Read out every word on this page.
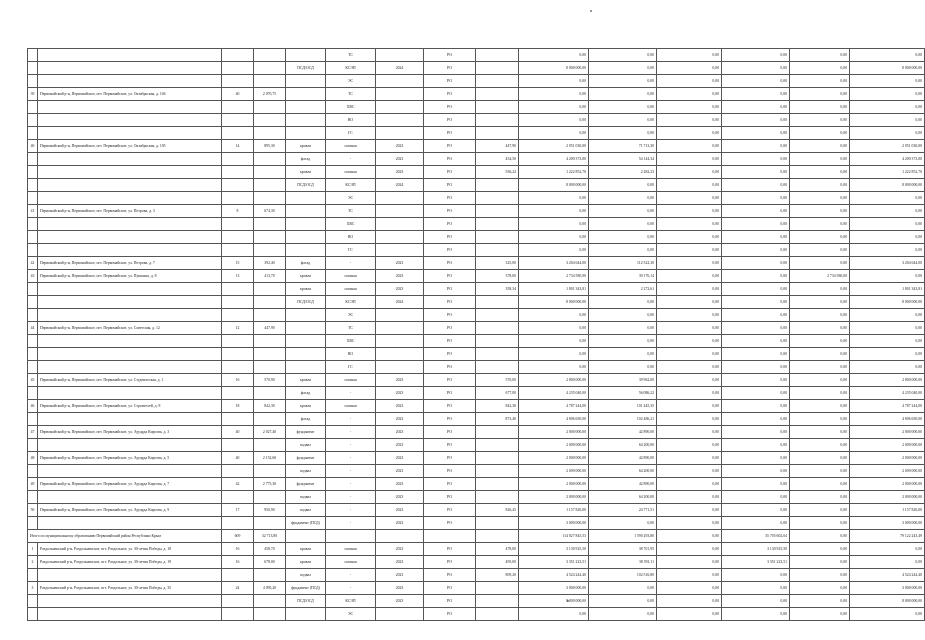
					ТС		РО		0,00	0,00	0,00	0,00	0,00	0,00
				ПСД/ОСД	КСЭП	2024	РО		8 000 000,00	0,00	0,00	0,00	0,00	8 000 000,00
					ЭС		РО		0,00	0,00	0,00	0,00	0,00	0,00
39	Первомайский р-н, Первомайское, пгт. Первомайское, ул. Октябрьская, д. 104	40	2 070,75		ТС		РО		0,00	0,00	0,00	0,00	0,00	0,00
					ХВС		РО		0,00	0,00	0,00	0,00	0,00	0,00
					ВО		РО		0,00	0,00	0,00	0,00	0,00	0,00
					ГС		РО		0,00	0,00	0,00	0,00	0,00	0,00
40	Первомайский р-н, Первомайское, пгт. Первомайское, ул. Октябрьская, д. 105	14	895,30	кровля	скатная	2023	РО	447,90	2 051 030,00	71 713,30	0,00	0,00	0,00	2 051 030,00
				фасад	-	2023	РО	454,50	4 200 373,00	54 144,34	0,00	0,00	0,00	4 200 373,00
				кровля	скатная	2023	РО	556,22	1 222 852,70	2 282,23	0,00	0,00	0,00	1 222 852,70
				ПСД/ОСД	КСЭП	2024	РО		8 000 000,00	0,00	0,00	0,00	0,00	8 000 000,00
					ЭС		РО		0,00	0,00	0,00	0,00	0,00	0,00
41	Первомайский р-н, Первомайское, пгт. Первомайское, ул. Петрова, д. 3	8	674,30		ТС		РО		0,00	0,00	0,00	0,00	0,00	0,00
					ХВС		РО		0,00	0,00	0,00	0,00	0,00	0,00
					ВО		РО		0,00	0,00	0,00	0,00	0,00	0,00
					ГС		РО		0,00	0,00	0,00	0,00	0,00	0,00
42	Первомайский р-н, Первомайское, пгт. Первомайское, ул. Петрова, д. 7	15	392,40	фасад	-	2023	РО	325,00	3 204 644,00	112 522,30	0,00	0,00	0,00	3 204 644,00
43	Первомайский р-н, Первомайское, пгт. Первомайское, ул. Пушкина, д. 8	13	413,70	кровля	скатная	2023	РО	378,00	2 734 580,00	39 170,14	0,00	0,00	2 734 580,00	0,00
				кровля	скатная	2023	РО	358,34	1 801 343,81	2 272,61	0,00	0,00	0,00	1 801 343,81
				ПСД/ОСД	КСЭП	2024	РО		8 000 000,00	0,00	0,00	0,00	0,00	8 000 000,00
					ЭС		РО		0,00	0,00	0,00	0,00	0,00	0,00
44	Первомайский р-н, Первомайское, пгт. Первомайское, ул. Советская, д. 12	12	447,90		ТС		РО		0,00	0,00	0,00	0,00	0,00	0,00
					ХВС		РО		0,00	0,00	0,00	0,00	0,00	0,00
					ВО		РО		0,00	0,00	0,00	0,00	0,00	0,00
					ГС		РО		0,00	0,00	0,00	0,00	0,00	0,00
45	Первомайский р-н, Первомайское, пгт. Первомайское, ул. Студенческая, д. 1	16	570,90	кровля	скатная	2023	РО	570,00	2 800 000,00	39 962,00	0,00	0,00	0,00	2 800 000,00
				фасад	-	2023	РО	677,00	4 235 040,00	56 086,22	0,00	0,00	0,00	4 235 040,00
46	Первомайский р-н, Первомайское, пгт. Первомайское, ул. Строителей, д. 8	18	842,30	кровля	скатная	2023	РО	842,30	4 787 244,00	101 445,35	0,00	0,00	0,00	4 787 244,00
				фасад	-	2023	РО	873,40	4 806 650,00	102 486,21	0,00	0,00	0,00	4 806 650,00
47	Первомайский р-н, Первомайское, пгт. Первомайское, ул. Эдуарда Кирсова, д. 3	40	2 027,40	фундамент	-	2023	РО		2 000 000,00	42 890,00	0,00	0,00	0,00	2 000 000,00
				подвал	-	2023	РО		2 000 000,00	64 200,00	0,00	0,00	0,00	2 000 000,00
48	Первомайский р-н, Первомайское, пгт. Первомайское, ул. Эдуарда Кирсова, д. 5	40	2 152,60	фундамент	-	2023	РО		2 000 000,00	42 890,00	0,00	0,00	0,00	2 000 000,00
				подвал	-	2023	РО		2 000 000,00	64 200,00	0,00	0,00	0,00	2 000 000,00
49	Первомайский р-н, Первомайское, пгт. Первомайское, ул. Эдуарда Кирсова, д. 7	42	2 775,30	фундамент	-	2023	РО		2 000 000,00	42 890,00	0,00	0,00	0,00	2 000 000,00
				подвал	-	2023	РО		2 000 000,00	64 200,00	0,00	0,00	0,00	2 000 000,00
50	Первомайский р-н, Первомайское, пгт. Первомайское, ул. Эдуарда Кирсова, д. 9	17	950,90	подвал	-	2023	РО	826,45	1 157 820,00	24 771,51	0,00	0,00	0,00	1 157 820,00
				фундамент (ПСД)	-	2023	РО		3 000 000,00	0,00	0,00	0,00	0,00	3 000 000,00
Итого по муниципальному образованию Первомайский район Республики Крым		609	32 713,80						114 827 845,53	1 590 293,80	0,00	35 705 602,04	0,00	79 122 243,49
1	Раздольненский р-н, Раздольненское, пгт. Раздольное, ул. 30-летия Победы, д. 18	16	458,70	кровля	скатная	2023	РО	478,00	3 130 925,50	38 701,95	0,00	3 130 925,50	0,00	0,00
2	Раздольненский р-н, Раздольненское, пгт. Раздольное, ул. 30-летия Победы, д. 19	16	678,00	кровля	скатная	2023	РО	495,00	3 351 223,51	38 591,11	0,00	3 351 223,51	0,00	0,00
				подвал	-	2023	РО	809,20	4 524 244,40	102 516,80	0,00	0,00	0,00	4 524 244,40
3	Раздольненский р-н, Раздольненское, пгт. Раздольное, ул. 30-летия Победы, д. 35	24	4 095,20	фундамент (ПСД)	-	2023	РО		3 000 000,00	0,00	0,00	0,00	0,00	3 000 000,00
				ПСД/ОСД	КСЭП	2023	РО		8 000 000,00	0,00	0,00	0,00	0,00	8 000 000,00
					ЭС		РО		0,00	0,00	0,00	0,00	0,00	0,00
